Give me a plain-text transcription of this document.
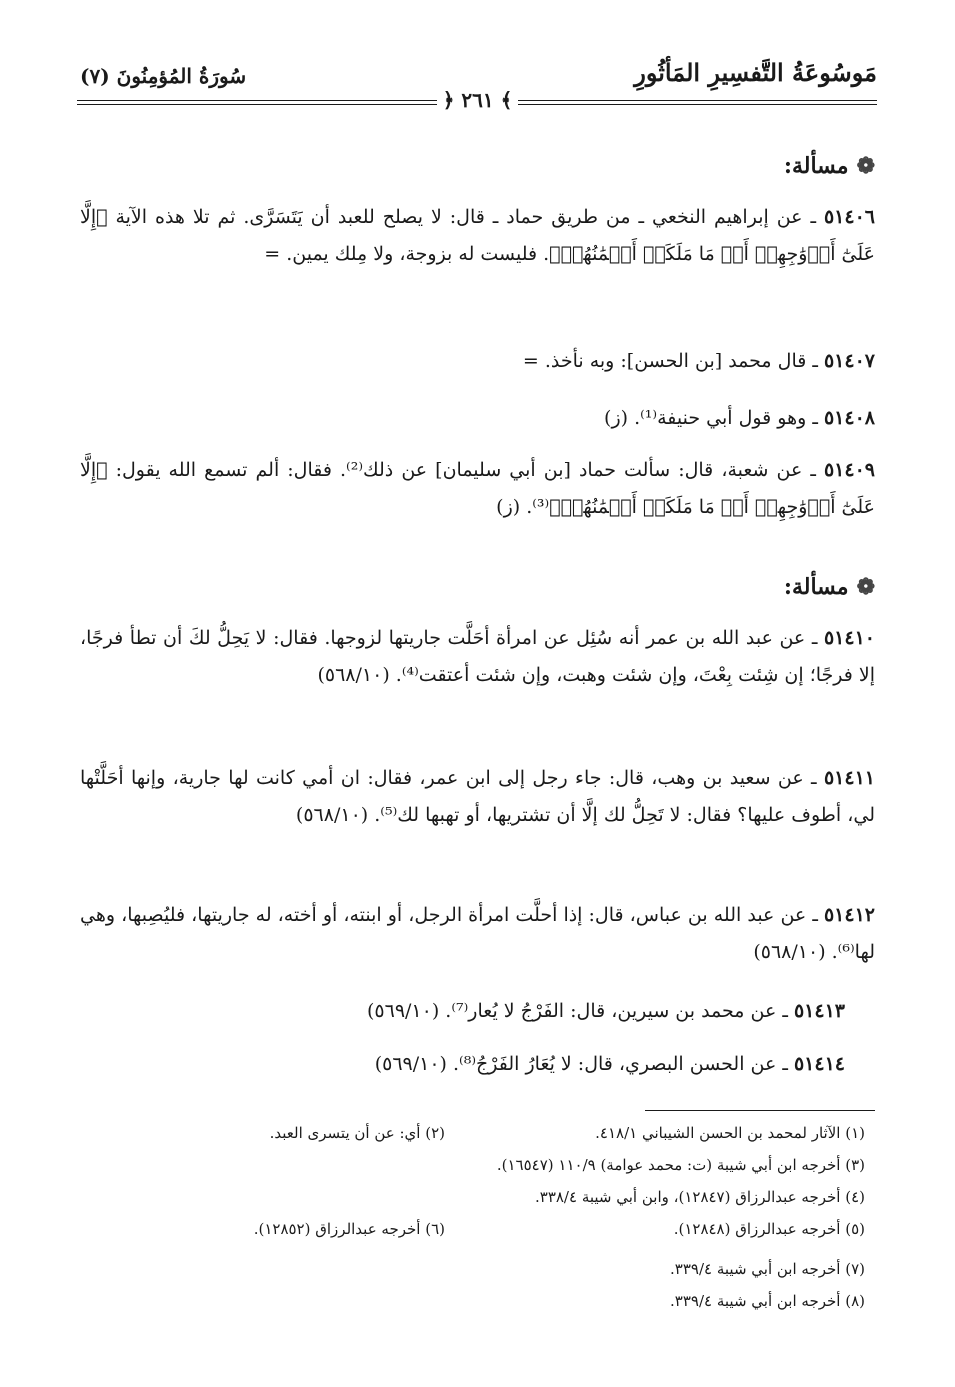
مَوسُوعَةُ التَّفسِيرِ المَأثُورِ
سُورَةُ المُؤمِنُونَ (٧)
﴾ ٢٦١ ﴿
❁مسألة:
٥١٤٠٦ ـ عن إبراهيم النخعي ـ من طريق حماد ـ قال: لا يصلح للعبد أن يَتَسَرَّى. ثم تلا هذه الآية ﴿إِلَّا عَلَىٰٓ أَزۡوَٰجِهِمۡ أَوۡ مَا مَلَكَتۡ أَيۡمَٰنُهُمۡ﴾. فليست له بزوجة، ولا مِلك يمين. =
٥١٤٠٧ ـ قال محمد [بن الحسن]: وبه نأخذ. =
٥١٤٠٨ ـ وهو قول أبي حنيفة⁽¹⁾. (ز)
٥١٤٠٩ ـ عن شعبة، قال: سألت حماد [بن أبي سليمان] عن ذلك⁽²⁾. فقال: ألم تسمع الله يقول: ﴿إِلَّا عَلَىٰٓ أَزۡوَٰجِهِمۡ أَوۡ مَا مَلَكَتۡ أَيۡمَٰنُهُمۡ﴾⁽³⁾. (ز)
❁مسألة:
٥١٤١٠ ـ عن عبد الله بن عمر أنه سُئِل عن امرأة أحَلَّت جاريتها لزوجها. فقال: لا يَحِلُّ لكَ أن تطأ فرجًا، إلا فرجًا؛ إن شِئت بِعْتَ، وإن شئت وهبت، وإن شئت أعتقت⁽⁴⁾. (٥٦٨/١٠)
٥١٤١١ ـ عن سعيد بن وهب، قال: جاء رجل إلى ابن عمر، فقال: ان أمي كانت لها جارية، وإنها أحَلَّتْها لي، أطوف عليها؟ فقال: لا تَحِلُّ لك إلَّا أن تشتريها، أو تهبها لك⁽⁵⁾. (٥٦٨/١٠)
٥١٤١٢ ـ عن عبد الله بن عباس، قال: إذا أحلَّت امرأة الرجل، أو ابنته، أو أخته، له جاريتها، فليُصِبها، وهي لها⁽⁶⁾. (٥٦٨/١٠)
٥١٤١٣ ـ عن محمد بن سيرين، قال: الفَرْجُ لا يُعار⁽⁷⁾. (٥٦٩/١٠)
٥١٤١٤ ـ عن الحسن البصري، قال: لا يُعَارُ الفَرْجُ⁽⁸⁾. (٥٦٩/١٠)
(١) الآثار لمحمد بن الحسن الشيباني ٤١٨/١.
(٢) أي: عن أن يتسرى العبد.
(٣) أخرجه ابن أبي شيبة (ت: محمد عوامة) ١١٠/٩ (١٦٥٤٧).
(٤) أخرجه عبدالرزاق (١٢٨٤٧)، وابن أبي شيبة ٣٣٨/٤.
(٥) أخرجه عبدالرزاق (١٢٨٤٨).
(٦) أخرجه عبدالرزاق (١٢٨٥٢).
(٧) أخرجه ابن أبي شيبة ٣٣٩/٤.
(٨) أخرجه ابن أبي شيبة ٣٣٩/٤.
